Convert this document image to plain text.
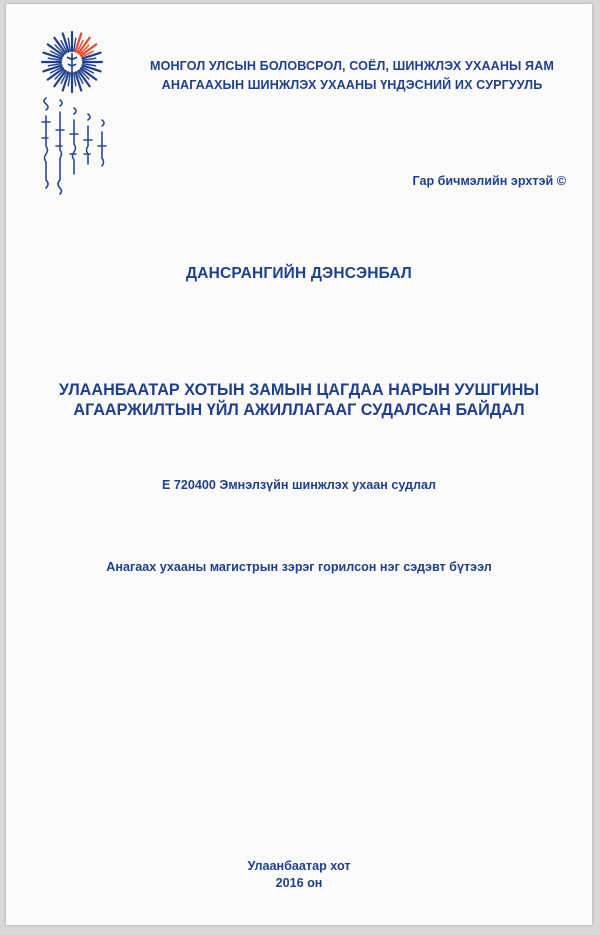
МОНГОЛ УЛСЫН БОЛОВСРОЛ, СОЁЛ, ШИНЖЛЭХ УХААНЫ ЯАМ
АНАГААХЫН ШИНЖЛЭХ УХААНЫ ҮНДЭСНИЙ ИХ СУРГУУЛЬ
Гар бичмэлийн эрхтэй ©
ДАНСРАНГИЙН ДЭНСЭНБАЛ
УЛААНБААТАР ХОТЫН ЗАМЫН ЦАГДАА НАРЫН УУШГИНЫ
АГААРЖИЛТЫН ҮЙЛ АЖИЛЛАГААГ СУДАЛСАН БАЙДАЛ
Е 720400 Эмнэлзүйн шинжлэх ухаан судлал
Анагаах ухааны магистрын зэрэг горилсон нэг сэдэвт бүтээл
Улаанбаатар хот
2016 он
